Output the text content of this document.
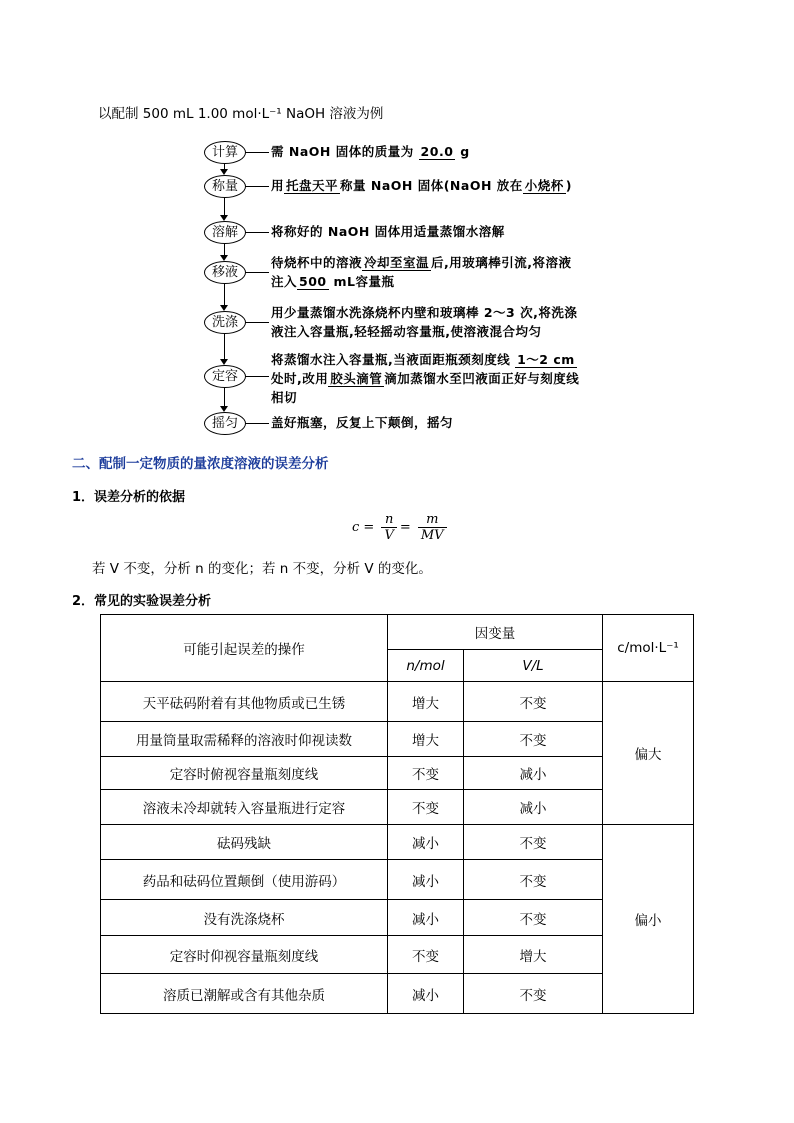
以配制 500 mL 1.00 mol·L⁻¹ NaOH 溶液为例
计算	需 NaOH 固体的质量为 20.0 g
称量	用 托盘天平 称量 NaOH 固体(NaOH 放在 小烧杯 )
溶解	将称好的 NaOH 固体用适量蒸馏水溶解
移液
待烧杯中的溶液 冷却至室温 后,用玻璃棒引流,将溶液
注入 500 mL容量瓶
洗涤
用少量蒸馏水洗涤烧杯内壁和玻璃棒 2～3 次,将洗涤
液注入容量瓶,轻轻摇动容量瓶,使溶液混合均匀
定容
将蒸馏水注入容量瓶,当液面距瓶颈刻度线 1～2 cm
处时,改用 胶头滴管 滴加蒸馏水至凹液面正好与刻度线
相切
摇匀	盖好瓶塞，反复上下颠倒，摇匀
二、配制一定物质的量浓度溶液的误差分析
1．误差分析的依据
$c = \frac{n}{V} = \frac{m}{MV}$
若 V 不变，分析 n 的变化；若 n 不变，分析 V 的变化。
2．常见的实验误差分析
可能引起误差的操作	因变量		c/mol·L⁻¹
	n/mol	V/L	
天平砝码附着有其他物质或已生锈	增大	不变	偏大
用量筒量取需稀释的溶液时仰视读数	增大	不变	
定容时俯视容量瓶刻度线	不变	减小	
溶液未冷却就转入容量瓶进行定容	不变	减小	
砝码残缺	减小	不变	偏小
药品和砝码位置颠倒（使用游码）	减小	不变	
没有洗涤烧杯	减小	不变	
定容时仰视容量瓶刻度线	不变	增大	
溶质已潮解或含有其他杂质	减小	不变	
